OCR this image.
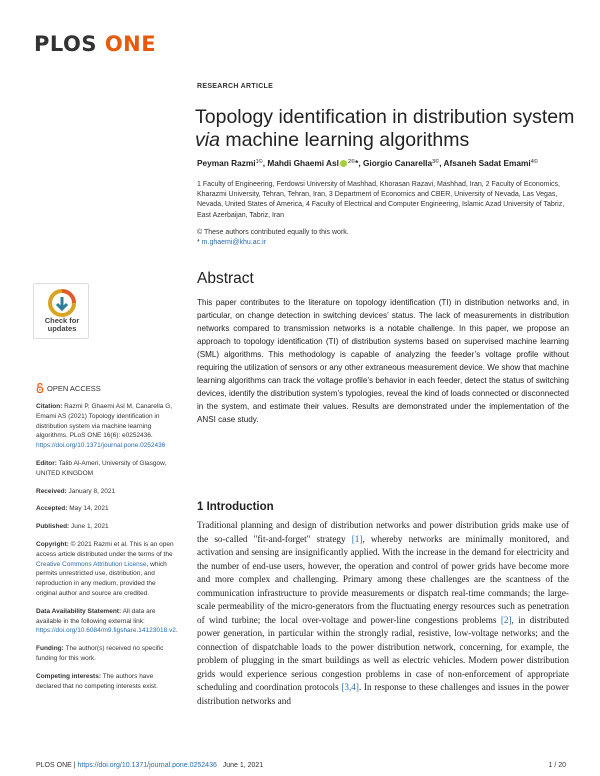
PLOS ONE
RESEARCH ARTICLE
Topology identification in distribution system
via machine learning algorithms
Peyman Razmi$^{1©}$, Mahdi Ghaemi Asl $^{2©}$*, Giorgio Canarella$^{3©}$, Afsaneh Sadat Emami$^{4©}$
1 Faculty of Engineering, Ferdowsi University of Mashhad, Khorasan Razavi, Mashhad, Iran, 2 Faculty of Economics, Kharazmi University, Tehran, Tehran, Iran, 3 Department of Economics and CBER, University of Nevada, Las Vegas, Nevada, United States of America, 4 Faculty of Electrical and Computer Engineering, Islamic Azad University of Tabriz, East Azerbaijan, Tabriz, Iran
© These authors contributed equally to this work.
* m.ghaemi@khu.ac.ir
Check for updates
OPEN ACCESS

Citation: Razmi P, Ghaemi Asl M, Canarella G, Emami AS (2021) Topology identification in distribution system via machine learning algorithms. PLoS ONE 16(6): e0252436. https://doi.org/10.1371/journal.pone.0252436

Editor: Talib Al-Ameri, University of Glasgow, UNITED KINGDOM

Received: January 8, 2021

Accepted: May 14, 2021

Published: June 1, 2021

Copyright: © 2021 Razmi et al. This is an open access article distributed under the terms of the Creative Commons Attribution License, which permits unrestricted use, distribution, and reproduction in any medium, provided the original author and source are credited.

Data Availability Statement: All data are available in the following external link: https://doi.org/10.6084/m9.figshare.14123018.v2.

Funding: The author(s) received no specific funding for this work.

Competing interests: The authors have declared that no competing interests exist.

Abstract
This paper contributes to the literature on topology identification (TI) in distribution networks and, in particular, on change detection in switching devices’ status. The lack of measurements in distribution networks compared to transmission networks is a notable challenge. In this paper, we propose an approach to topology identification (TI) of distribution systems based on supervised machine learning (SML) algorithms. This methodology is capable of analyzing the feeder’s voltage profile without requiring the utilization of sensors or any other extraneous measurement device. We show that machine learning algorithms can track the voltage profile’s behavior in each feeder, detect the status of switching devices, identify the distribution system’s typologies, reveal the kind of loads connected or disconnected in the system, and estimate their values. Results are demonstrated under the implementation of the ANSI case study.
1 Introduction
Traditional planning and design of distribution networks and power distribution grids make use of the so-called "fit-and-forget" strategy [1], whereby networks are minimally monitored, and activation and sensing are insignificantly applied. With the increase in the demand for electricity and the number of end-use users, however, the operation and control of power grids have become more and more complex and challenging. Primary among these challenges are the scantness of the communication infrastructure to provide measurements or dispatch real-time commands; the large-scale permeability of the micro-generators from the fluctuating energy resources such as penetration of wind turbine; the local over-voltage and power-line congestions problems [2], in distributed power generation, in particular within the strongly radial, resistive, low-voltage networks; and the connection of dispatchable loads to the power distribution network, concerning, for example, the problem of plugging in the smart buildings as well as electric vehicles. Modern power distribution grids would experience serious congestion problems in case of non-enforcement of appropriate scheduling and coordination protocols [3,4]. In response to these challenges and issues in the power distribution networks and
PLOS ONE | https://doi.org/10.1371/journal.pone.0252436 June 1, 2021	1 / 20
